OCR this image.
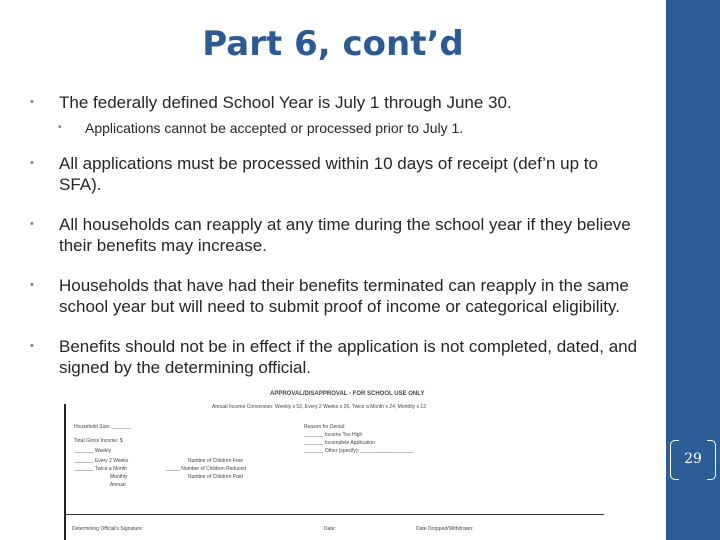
Part 6, cont’d
• The federally defined School Year is July 1 through June 30.
• Applications cannot be accepted or processed prior to July 1.
• All applications must be processed within 10 days of receipt (def’n up to SFA).
• All households can reapply at any time during the school year if they believe their benefits may increase.
• Households that have had their benefits terminated can reapply in the same school year but will need to submit proof of income or categorical eligibility.
• Benefits should not be in effect if the application is not completed, dated, and signed by the determining official.
APPROVAL/DISAPPROVAL - FOR SCHOOL USE ONLY
Annual Income Conversion: Weekly x 52, Every 2 Weeks x 26, Twice a Month x 24, Monthly x 12
Household Size: _______
Total Gross Income: $
_______ Weekly
_______ Every 2 Weeks
_______ Twice a Month
Monthly
Annual
Number of Children Free
_____ Number of Children Reduced
Number of Children Paid
Reason for Denial:
_______ Income Too High
_______ Incomplete Application
_______ Other (specify): ___________________
Determining Official's Signature:	Date:	Date Dropped/Withdrawn:
29
